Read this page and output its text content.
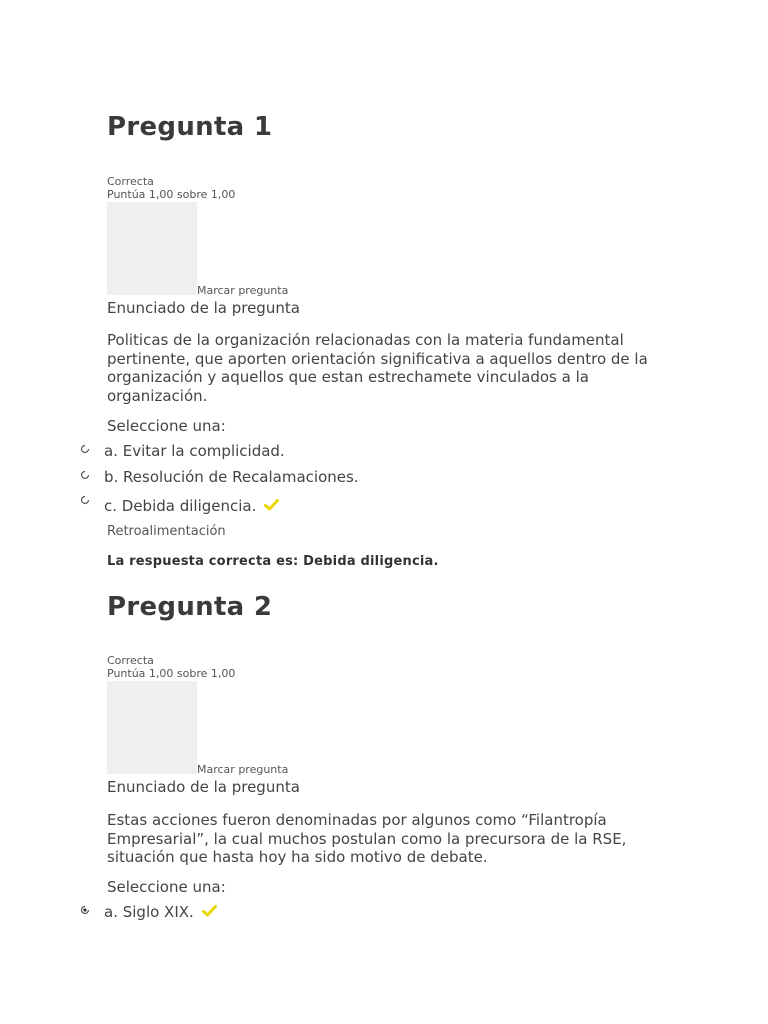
Pregunta 1
Correcta
Puntúa 1,00 sobre 1,00
Marcar pregunta
Enunciado de la pregunta

Politicas de la organización relacionadas con la materia fundamental pertinente, que aporten orientación significativa a aquellos dentro de la organización y aquellos que estan estrechamete vinculados a la organización.

Seleccione una:
a. Evitar la complicidad.
b. Resolución de Recalamaciones.
c. Debida diligencia.
Retroalimentación
La respuesta correcta es: Debida diligencia.
Pregunta 2
Correcta
Puntúa 1,00 sobre 1,00
Marcar pregunta
Enunciado de la pregunta

Estas acciones fueron denominadas por algunos como “Filantropía Empresarial”, la cual muchos postulan como la precursora de la RSE, situación que hasta hoy ha sido motivo de debate.

Seleccione una:
a. Siglo XIX.
